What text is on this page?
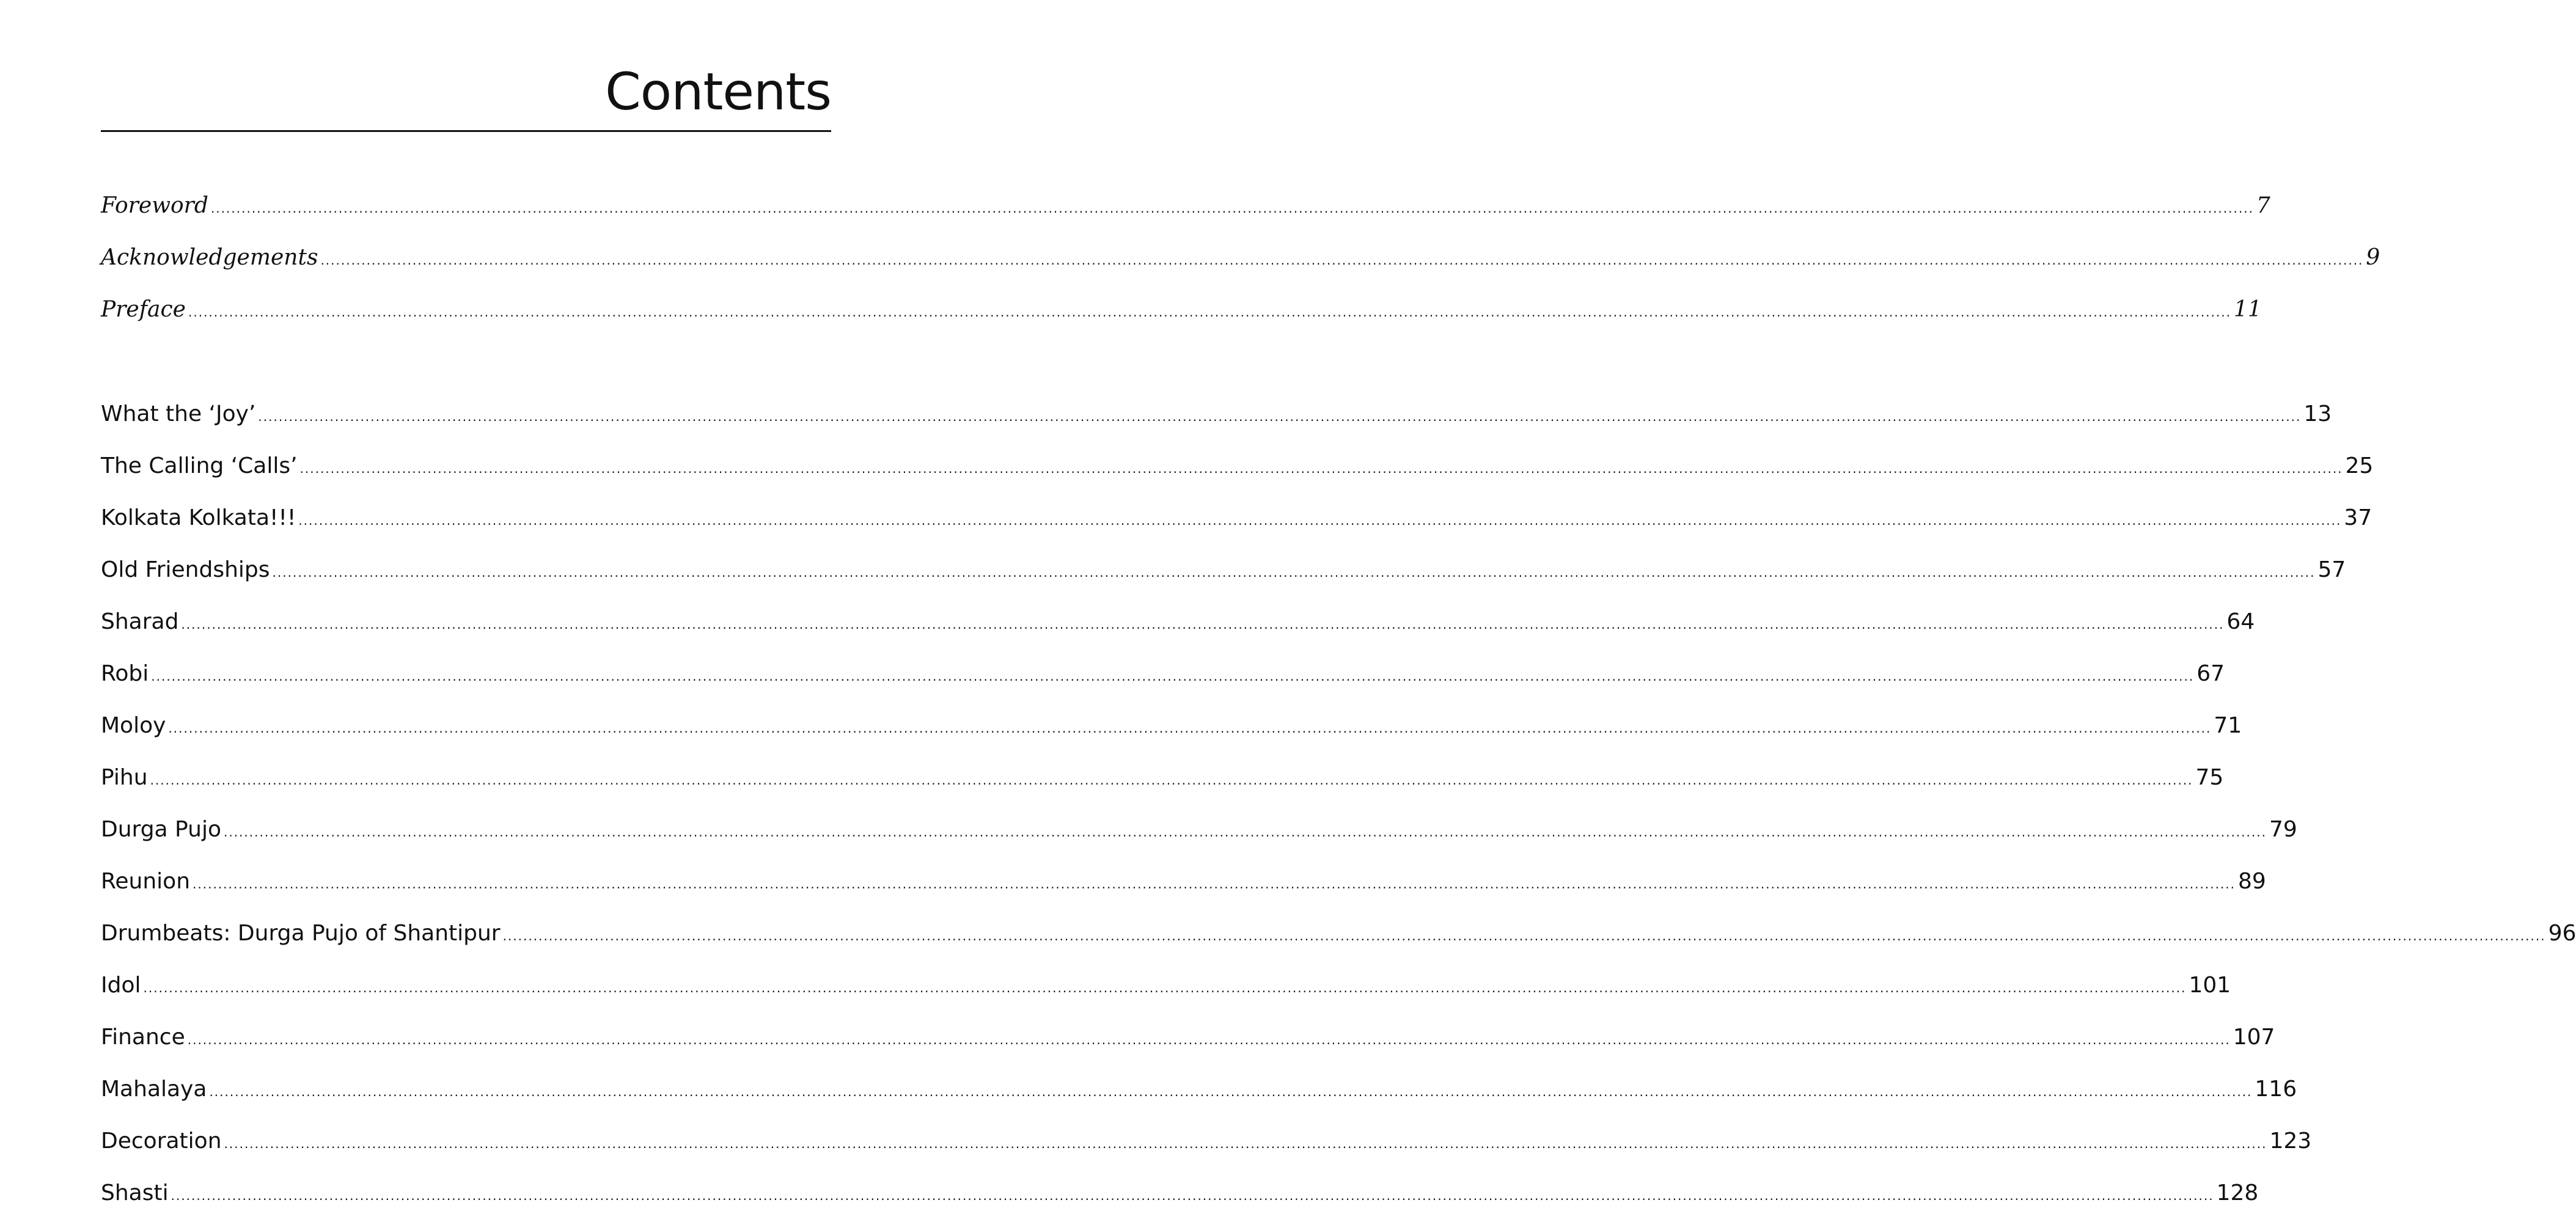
Contents
Foreword ................................................................................................................................................................................................................................................................................................................................................................................................................ 7
Acknowledgements ................................................................................................................................................................................................................................................................................................................................................................................................................ 9
Preface ................................................................................................................................................................................................................................................................................................................................................................................................................ 11
What the ‘Joy’ ................................................................................................................................................................................................................................................................................................................................................................................................................ 13
The Calling ‘Calls’ ................................................................................................................................................................................................................................................................................................................................................................................................................ 25
Kolkata Kolkata!!! ................................................................................................................................................................................................................................................................................................................................................................................................................ 37
Old Friendships ................................................................................................................................................................................................................................................................................................................................................................................................................ 57
Sharad ................................................................................................................................................................................................................................................................................................................................................................................................................ 64
Robi ................................................................................................................................................................................................................................................................................................................................................................................................................ 67
Moloy ................................................................................................................................................................................................................................................................................................................................................................................................................ 71
Pihu ................................................................................................................................................................................................................................................................................................................................................................................................................ 75
Durga Pujo ................................................................................................................................................................................................................................................................................................................................................................................................................ 79
Reunion ................................................................................................................................................................................................................................................................................................................................................................................................................ 89
Drumbeats: Durga Pujo of Shantipur ................................................................................................................................................................................................................................................................................................................................................................................................................ 96
Idol ................................................................................................................................................................................................................................................................................................................................................................................................................ 101
Finance ................................................................................................................................................................................................................................................................................................................................................................................................................ 107
Mahalaya ................................................................................................................................................................................................................................................................................................................................................................................................................ 116
Decoration ................................................................................................................................................................................................................................................................................................................................................................................................................ 123
Shasti ................................................................................................................................................................................................................................................................................................................................................................................................................ 128
